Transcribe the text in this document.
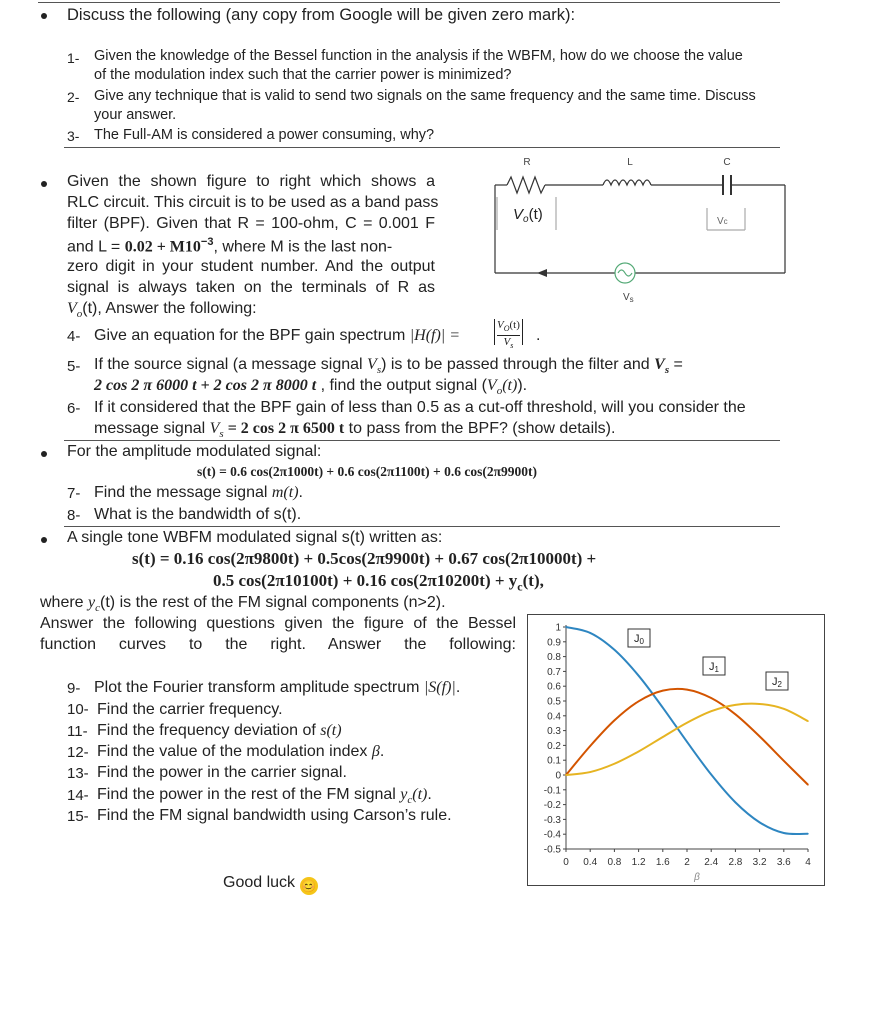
Discuss the following (any copy from Google will be given zero mark):
1- Given the knowledge of the Bessel function in the analysis if the WBFM, how do we choose the value
of the modulation index such that the carrier power is minimized?
2- Give any technique that is valid to send two signals on the same frequency and the same time. Discuss
your answer.
3- The Full-AM is considered a power consuming, why?
Given the shown figure to right which shows a
RLC circuit. This circuit is to be used as a band pass
filter (BPF). Given that R = 100-ohm, C = 0.001 F
and $L = 0.02 + M10^{-3}$, where M is the last non-
zero digit in your student number. And the output
signal is always taken on the terminals of R as
$V_o(t)$, Answer the following:
R	L	C
$V_o(t)$	Vc
$V_s$
4- Give an equation for the BPF gain spectrum |H(f)| =
$V_O(t)$
$V_s$
.
5- If the source signal (a message signal $V_s$) is to be passed through the filter and $V_s$ =
2 cos 2 π 6000 t + 2 cos 2 π 8000 t , find the output signal $(V_o(t))$.
6- If it considered that the BPF gain of less than 0.5 as a cut-off threshold, will you consider the
message signal $V_s = 2$ cos 2 π 6500 t to pass from the BPF? (show details).
For the amplitude modulated signal:
s(t) = 0.6 cos(2π1000t) + 0.6 cos(2π1100t) + 0.6 cos(2π9900t)
7- Find the message signal m(t).
8- What is the bandwidth of s(t).
A single tone WBFM modulated signal s(t) written as:
s(t) = 0.16 cos(2π9800t) + 0.5cos(2π9900t) + 0.67 cos(2π10000t) +
0.5 cos(2π10100t) + 0.16 $\cos(2\pi 10200t) + y_c(t)$,
where $y_c(t)$ is the rest of the FM signal components (n>2).
Answer the following questions given the figure of the Bessel
function curves to the right. Answer the following:
9- Plot the Fourier transform amplitude spectrum |S(f)|.
10- Find the carrier frequency.
11- Find the frequency deviation of s(t)
12- Find the value of the modulation index β.
13- Find the power in the carrier signal.
14- Find the power in the rest of the FM signal $y_c(t)$.
15- Find the FM signal bandwidth using Carson’s rule.
Good luck 😊
1
0.9
0.8
0.7
0.6
0.5
0.4
0.3
0.2
0.1
0
-0.1
-0.2
-0.3
-0.4
-0.5
0 0.4 0.8 1.2 1.6 2 2.4 2.8 3.2 3.6 4
β
J0
J1
J2
